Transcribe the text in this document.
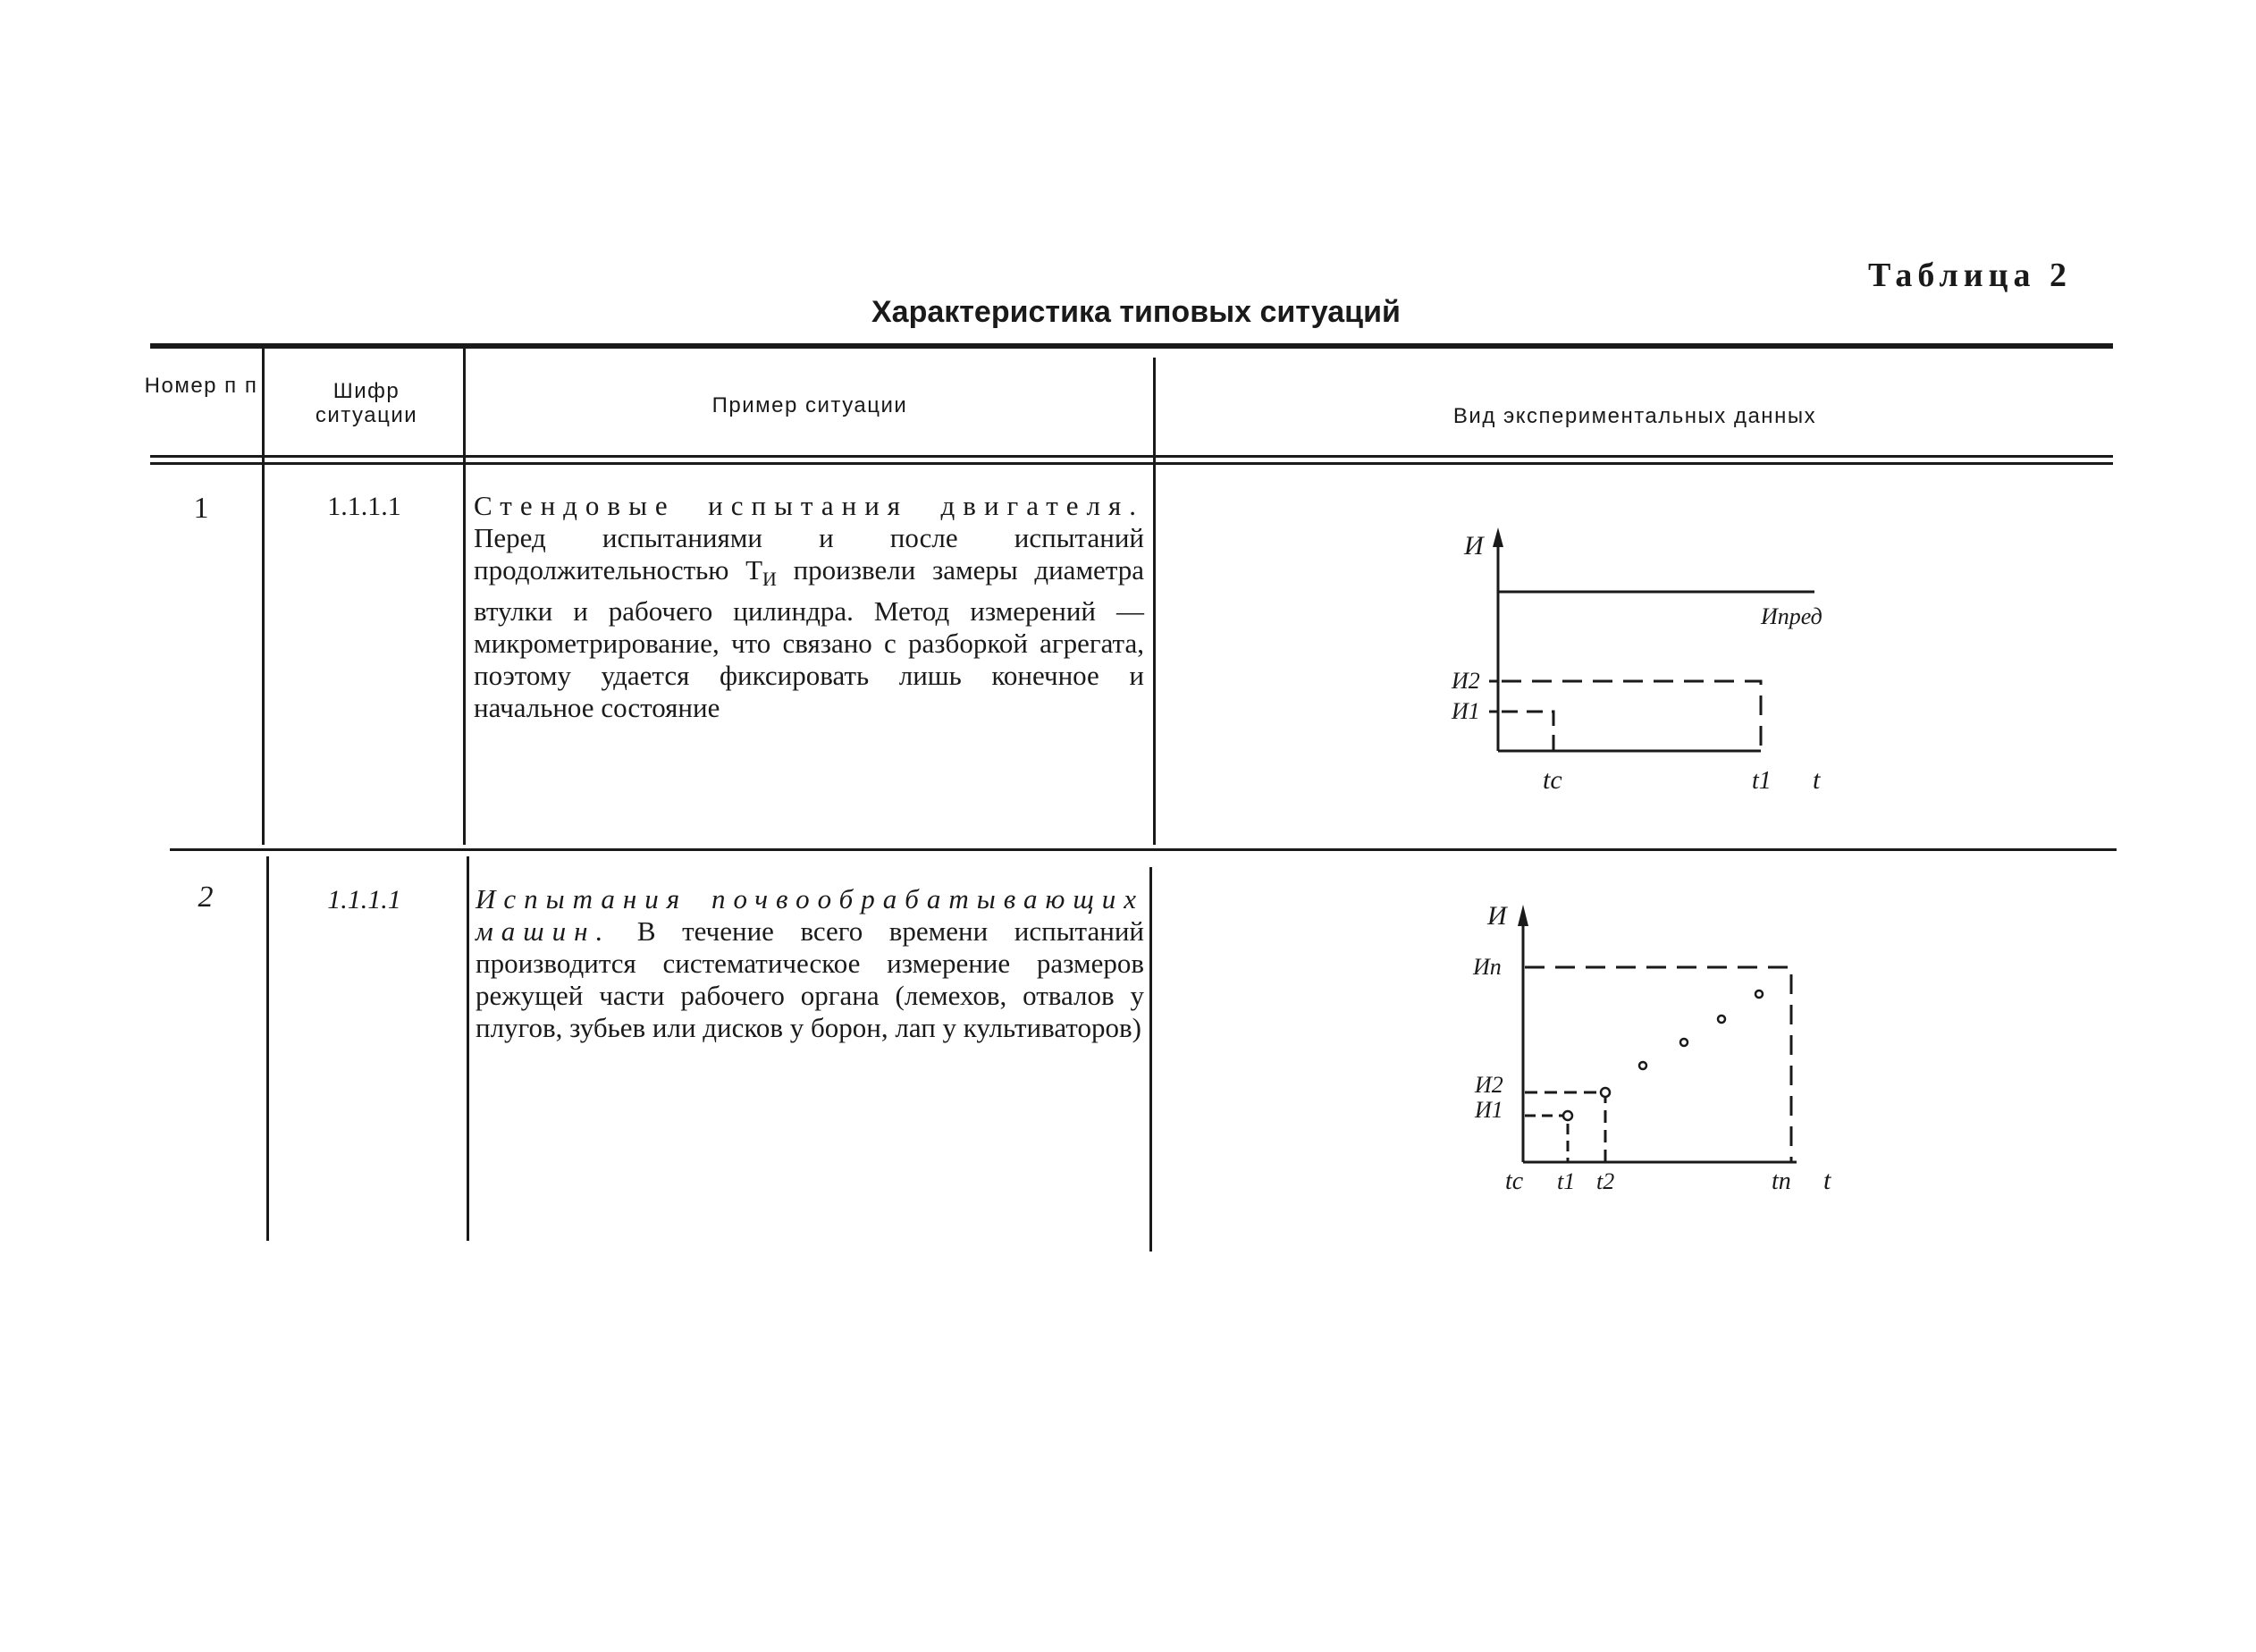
Таблица 2
Характеристика типовых ситуаций
Номер п п	Шифр ситуации	Пример ситуации	Вид экспериментальных данных
1	1.1.1.1	Стендовые испытания двигателя. Перед испытаниями и после испытаний продолжительностью $T_И$ произвели замеры диаметра втулки и рабочего цилиндра. Метод измерений — микрометрирование, что связано с разборкой агрегата, поэтому удается фиксировать лишь конечное и начальное состояние
И
Ипред
И2
И1
tc	t1 t
2	1.1.1.1	Испытания почвообрабатывающих машин. В течение всего времени испытаний производится систематическое измерение размеров режущей части рабочего органа (лемехов, отвалов у плугов, зубьев или дисков у борон, лап у культиваторов)
И
Иn
И2
И1
tc t1 t2	tn t
